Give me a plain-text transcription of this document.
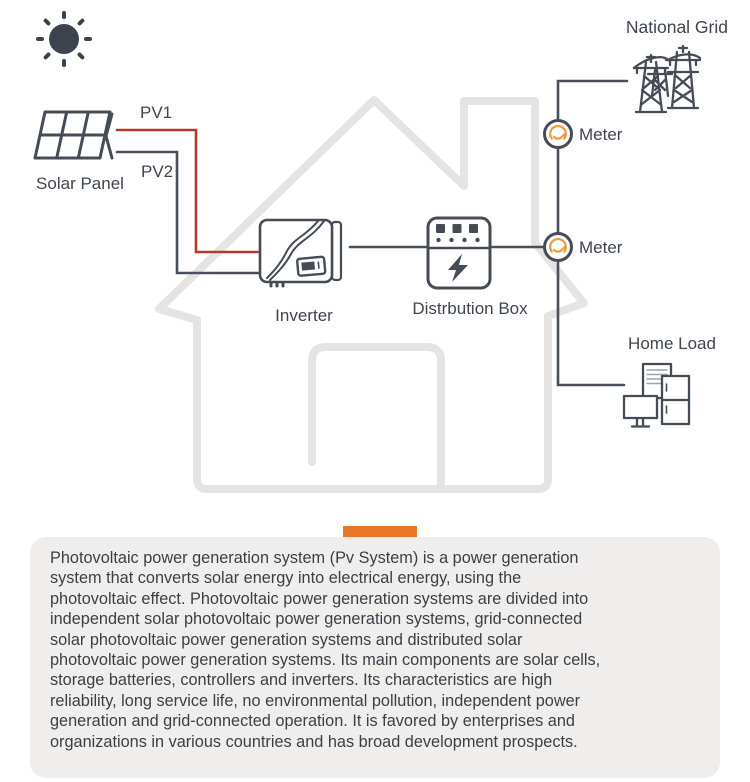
PV1
PV2
Solar Panel
Inverter	Distrbution Box
Meter
Meter
National Grid
Home Load
Photovoltaic power generation system (Pv System) is a power generation
system that converts solar energy into electrical energy, using the
photovoltaic effect. Photovoltaic power generation systems are divided into
independent solar photovoltaic power generation systems, grid-connected
solar photovoltaic power generation systems and distributed solar
photovoltaic power generation systems. Its main components are solar cells,
storage batteries, controllers and inverters. Its characteristics are high
reliability, long service life, no environmental pollution, independent power
generation and grid-connected operation. It is favored by enterprises and
organizations in various countries and has broad development prospects.
